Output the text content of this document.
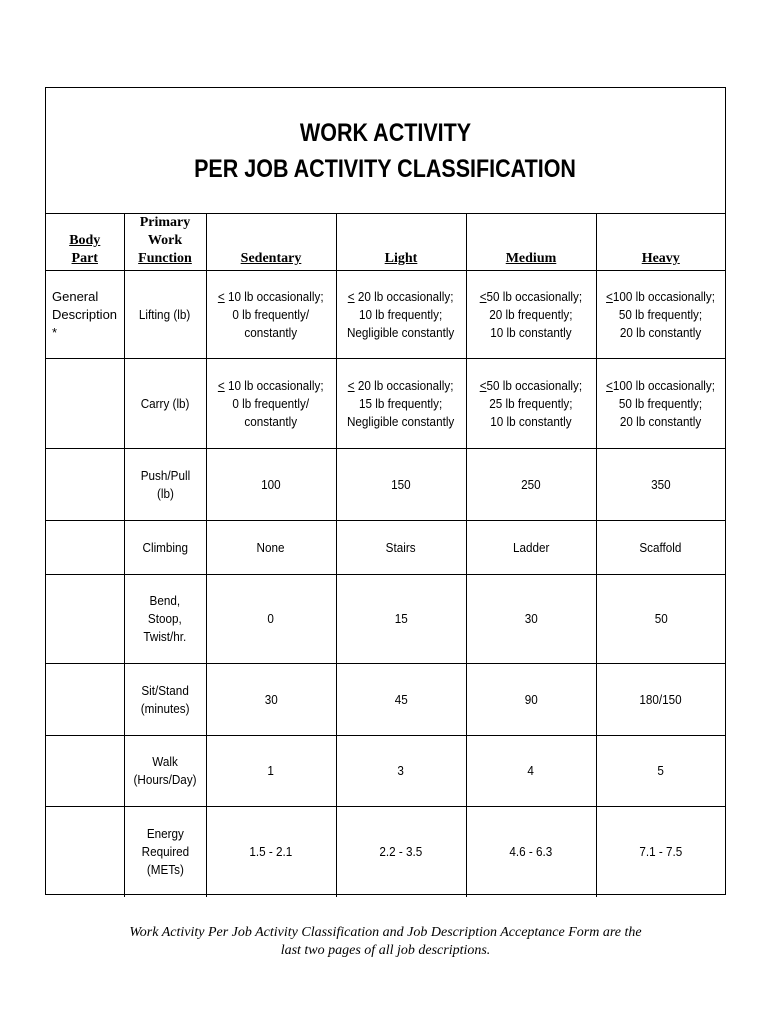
WORK ACTIVITY
PER JOB ACTIVITY CLASSIFICATION
Body
Part	Primary
Work
Function	Sedentary	Light	Medium	Heavy
General
Description
*	Lifting (lb)	≤ 10 lb occasionally;
0 lb frequently/
constantly	≤ 20 lb occasionally;
10 lb frequently;
Negligible constantly	≤50 lb occasionally;
20 lb frequently;
10 lb constantly	≤100 lb occasionally;
50 lb frequently;
20 lb constantly
	Carry (lb)	≤ 10 lb occasionally;
0 lb frequently/
constantly	≤ 20 lb occasionally;
15 lb frequently;
Negligible constantly	≤50 lb occasionally;
25 lb frequently;
10 lb constantly	≤100 lb occasionally;
50 lb frequently;
20 lb constantly
	Push/Pull
(lb)	100	150	250	350
	Climbing	None	Stairs	Ladder	Scaffold
	Bend,
Stoop,
Twist/hr.	0	15	30	50
	Sit/Stand
(minutes)	30	45	90	180/150
	Walk
(Hours/Day)	1	3	4	5
	Energy
Required
(METs)	1.5 - 2.1	2.2 - 3.5	4.6 - 6.3	7.1 - 7.5
Work Activity Per Job Activity Classification and Job Description Acceptance Form are the
last two pages of all job descriptions.
